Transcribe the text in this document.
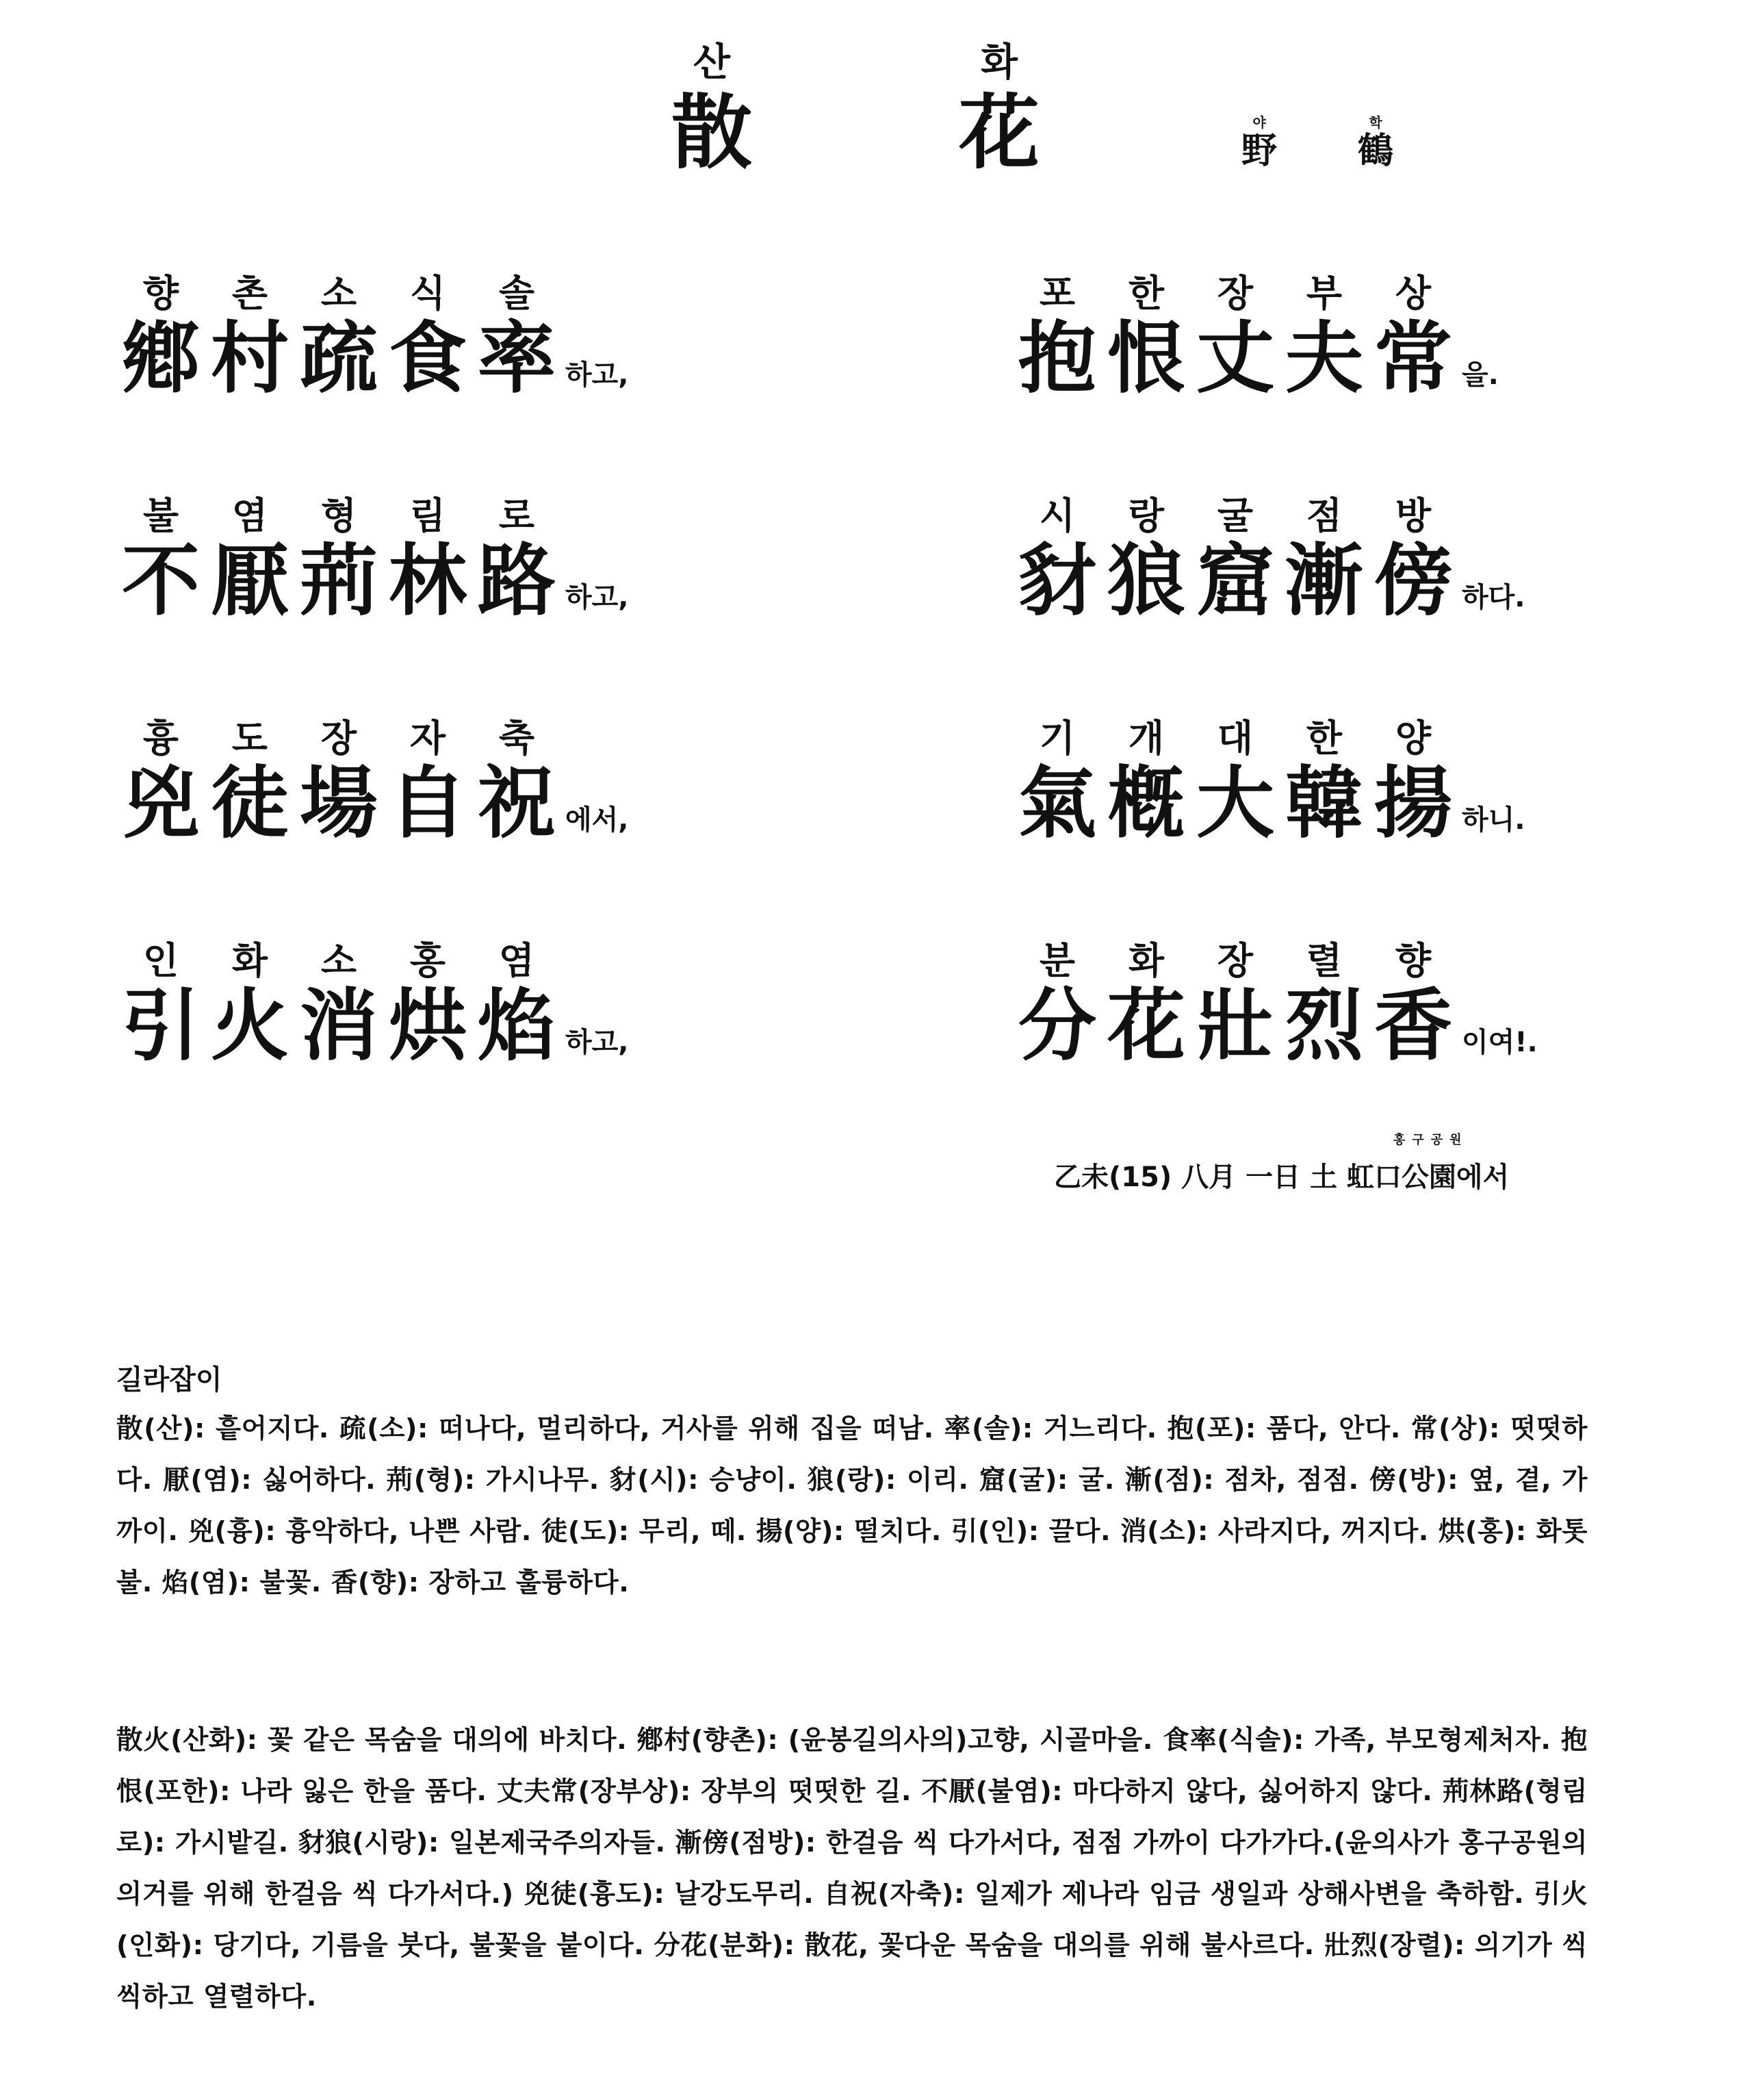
산
散
화
花	야
野
학
鶴
향	촌	소	식	솔
鄕 村 疏 食 率 하고,
불	염	형	림	로
不 厭 荊 林 路 하고,
흉	도	장	자	축
兇 徒 場 自 祝 에서,
인	화	소	홍	염
引 火 消 烘 焰 하고,
포	한	장	부	상
抱 恨 丈 夫 常 을.
시	랑	굴	점	방
豺 狼 窟 漸 傍 하다.
기	개	대	한	양
氣 槪 大 韓 揚 하니.
분	화	장	렬	향
分 花 壯 烈 香 이여!.
홍구공원
乙未(15) 八月 一日 土 虹口公園에서
길라잡이

散(산): 흩어지다. 疏(소): 떠나다, 멀리하다, 거사를 위해 집을 떠남. 率(솔): 거느리다. 抱(포): 품다, 안다. 常(상): 떳떳하다. 厭(염): 싫어하다. 荊(형): 가시나무. 豺(시): 승냥이. 狼(랑): 이리. 窟(굴): 굴. 漸(점): 점차, 점점. 傍(방): 옆, 곁, 가까이. 兇(흉): 흉악하다, 나쁜 사람. 徒(도): 무리, 떼. 揚(양): 떨치다. 引(인): 끌다. 消(소): 사라지다, 꺼지다. 烘(홍): 화톳불. 焰(염): 불꽃. 香(향): 장하고 훌륭하다.

散火(산화): 꽃 같은 목숨을 대의에 바치다. 鄕村(향촌): (윤봉길의사의)고향, 시골마을. 食率(식솔): 가족, 부모형제처자. 抱恨(포한): 나라 잃은 한을 품다. 丈夫常(장부상): 장부의 떳떳한 길. 不厭(불염): 마다하지 않다, 싫어하지 않다. 荊林路(형림로): 가시밭길. 豺狼(시랑): 일본제국주의자들. 漸傍(점방): 한걸음 씩 다가서다, 점점 가까이 다가가다.(윤의사가 홍구공원의 의거를 위해 한걸음 씩 다가서다.) 兇徒(흉도): 날강도무리. 自祝(자축): 일제가 제나라 임금 생일과 상해사변을 축하함. 引火(인화): 당기다, 기름을 붓다, 불꽃을 붙이다. 分花(분화): 散花, 꽃다운 목숨을 대의를 위해 불사르다. 壯烈(장렬): 의기가 씩씩하고 열렬하다.
